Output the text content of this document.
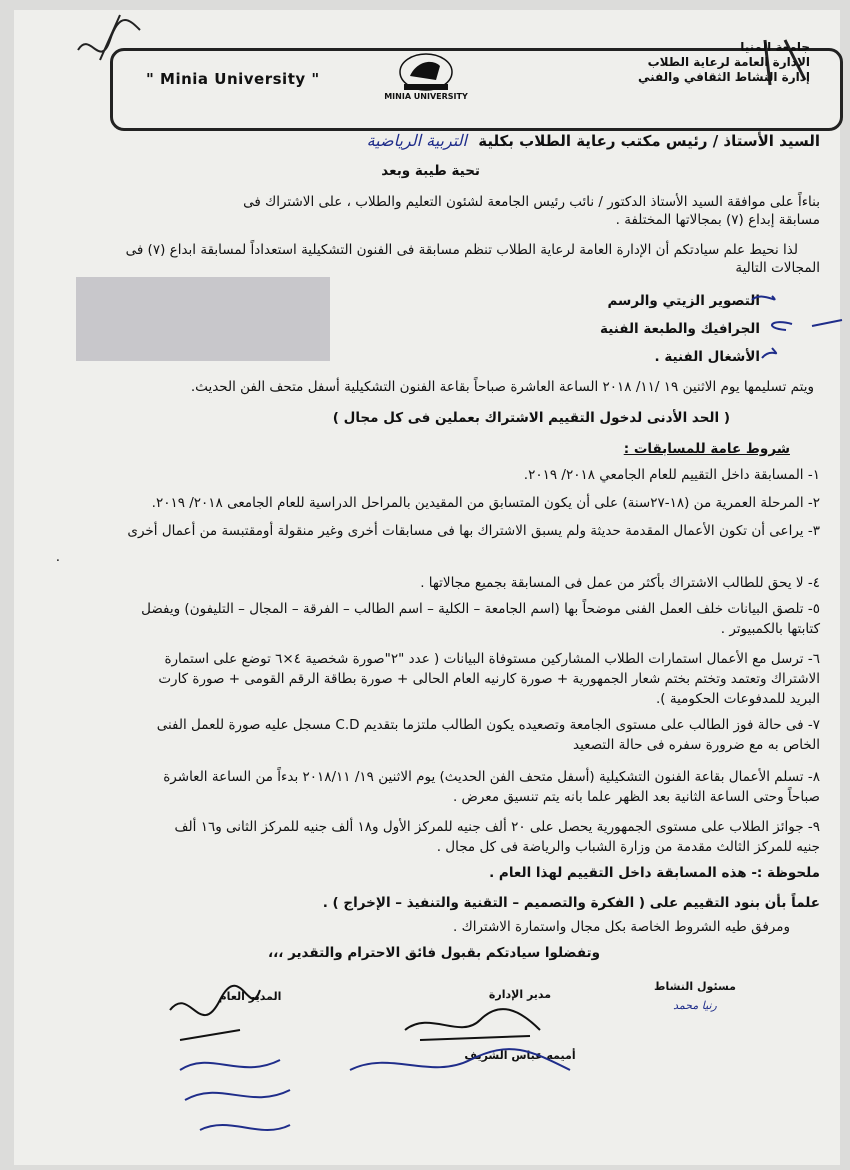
جامعة المنيا
الإدارة العامة لرعاية الطلاب
إدارة النشاط الثقافي والفني
" Minia University "
MINIA UNIVERSITY
السيد الأستاذ / رئيس مكتب رعاية الطلاب بكلية التربية الرياضية
تحية طيبة وبعد
بناءاً على موافقة السيد الأستاذ الدكتور / نائب رئيس الجامعة لشئون التعليم والطلاب ، على الاشتراك فى
مسابقة إبداع (٧) بمجالاتها المختلفة .
لذا نحيط علم سيادتكم أن الإدارة العامة لرعاية الطلاب تنظم مسابقة فى الفنون التشكيلية استعداداً لمسابقة ابداع (٧) فى
المجالات التالية
التصوير الزيتي والرسم
الجرافيك والطبعة الفنية
الأشغال الفنية .
ويتم تسليمها يوم الاثنين ١٩ /١١/ ٢٠١٨ الساعة العاشرة صباحاً بقاعة الفنون التشكيلية أسفل متحف الفن الحديث.
( الحد الأدنى لدخول التقييم الاشتراك بعملين فى كل مجال )
شروط عامة للمسابقات :
١- المسابقة داخل التقييم للعام الجامعي ٢٠١٨/ ٢٠١٩.
٢- المرحلة العمرية من (١٨-٢٧سنة) على أن يكون المتسابق من المقيدين بالمراحل الدراسية للعام الجامعى ٢٠١٨/ ٢٠١٩.
٣- يراعى أن تكون الأعمال المقدمة حديثة ولم يسبق الاشتراك بها فى مسابقات أخرى وغير منقولة أومقتبسة من أعمال أخرى
.
٤- لا يحق للطالب الاشتراك بأكثر من عمل فى المسابقة بجميع مجالاتها .
٥- تلصق البيانات خلف العمل الفنى موضحاً بها (اسم الجامعة – الكلية – اسم الطالب – الفرقة – المجال – التليفون) ويفضل
كتابتها بالكمبيوتر .
٦- ترسل مع الأعمال استمارات الطلاب المشاركين مستوفاة البيانات ( عدد "٢"صورة شخصية ٤×٦ توضع على استمارة
الاشتراك وتعتمد وتختم بختم شعار الجمهورية + صورة كارنيه العام الحالى + صورة بطاقة الرقم القومى + صورة كارت
البريد للمدفوعات الحكومية ).
٧- فى حالة فوز الطالب على مستوى الجامعة وتصعيده يكون الطالب ملتزما بتقديم C.D مسجل عليه صورة للعمل الفنى
الخاص به مع ضرورة سفره فى حالة التصعيد
٨- تسلم الأعمال بقاعة الفنون التشكيلية (أسفل متحف الفن الحديث) يوم الاثنين ١٩/ ٢٠١٨/١١ بدءاً من الساعة العاشرة
صباحاً وحتى الساعة الثانية بعد الظهر علما بانه يتم تنسيق معرض .
٩- جوائز الطلاب على مستوى الجمهورية يحصل على ٢٠ ألف جنيه للمركز الأول و١٨ ألف جنيه للمركز الثانى و١٦ ألف
جنيه للمركز الثالث مقدمة من وزارة الشباب والرياضة فى كل مجال .
ملحوظة :- هذه المسابقة داخل التقييم لهذا العام .
علماً بأن بنود التقييم على ( الفكرة والتصميم – التقنية والتنفيذ – الإخراج ) .
ومرفق طيه الشروط الخاصة بكل مجال واستمارة الاشتراك .
وتفضلوا سيادتكم بقبول فائق الاحترام والتقدير ،،،
مسئول النشاط
رنيا محمد
مدير الإدارة
أميمه عباس الشريف
المدير العام
